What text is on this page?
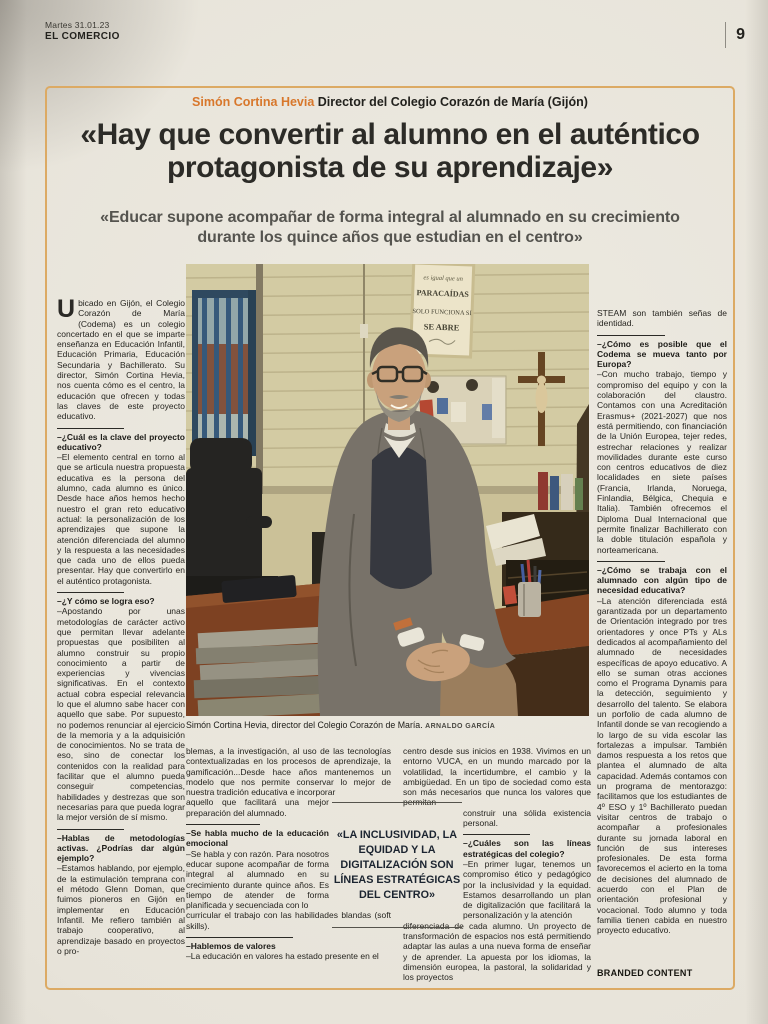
Martes 31.01.23
EL COMERCIO	9
Simón Cortina Hevia Director del Colegio Corazón de María (Gijón)
«Hay que convertir al alumno en el auténtico protagonista de su aprendizaje»
«Educar supone acompañar de forma integral al alumnado en su crecimiento durante los quince años que estudian en el centro»

Ubicado en Gijón, el Colegio Corazón de María (Codema) es un colegio concertado en el que se imparte enseñanza en Educación Infantil, Educación Primaria, Educación Secundaria y Bachillerato. Su director, Simón Cortina Hevia, nos cuenta cómo es el centro, la educación que ofrecen y todas las claves de este proyecto educativo.

–¿Cuál es la clave del proyecto educativo?

–El elemento central en torno al que se articula nuestra propuesta educativa es la persona del alumno, cada alumno es único. Desde hace años hemos hecho nuestro el gran reto educativo actual: la personalización de los aprendizajes que supone la atención diferenciada del alumno y la respuesta a las necesidades que cada uno de ellos pueda presentar. Hay que convertirlo en el auténtico protagonista.

–¿Y cómo se logra eso?

–Apostando por unas metodologías de carácter activo que permitan llevar adelante propuestas que posibiliten al alumno construir su propio conocimiento a partir de experiencias y vivencias significativas. En el contexto actual cobra especial relevancia lo que el alumno sabe hacer con aquello que sabe. Por supuesto, no podemos renunciar al ejercicio de la memoria y a la adquisición de conocimientos. No se trata de eso, sino de conectar los contenidos con la realidad para facilitar que el alumno pueda conseguir competencias, habilidades y destrezas que son necesarias para que pueda lograr la mejor versión de sí mismo.

–Hablas de metodologías activas. ¿Podrías dar algún ejemplo?

–Estamos hablando, por ejemplo, de la estimulación temprana con el método Glenn Doman, que fuimos pioneros en Gijón en implementar en Educación Infantil. Me refiero también al trabajo cooperativo, al aprendizaje basado en proyectos o pro-

es igual que un
PARACAÍDAS
SOLO FUNCIONA SI
SE ABRE

Simón Cortina Hevia, director del Colegio Corazón de María. ARNALDO GARCÍA

STEAM son también señas de identidad.

–¿Cómo es posible que el Codema se mueva tanto por Europa?

–Con mucho trabajo, tiempo y compromiso del equipo y con la colaboración del claustro. Contamos con una Acreditación Erasmus+ (2021-2027) que nos está permitiendo, con financiación de la Unión Europea, tejer redes, estrechar relaciones y realizar movilidades durante este curso con centros educativos de diez localidades en siete países (Francia, Irlanda, Noruega, Finlandia, Bélgica, Chequia e Italia). También ofrecemos el Diploma Dual Internacional que permite finalizar Bachillerato con la doble titulación española y norteamericana.

–¿Cómo se trabaja con el alumnado con algún tipo de necesidad educativa?

–La atención diferenciada está garantizada por un departamento de Orientación integrado por tres orientadores y once PTs y ALs dedicados al acompañamiento del alumnado de necesidades específicas de apoyo educativo. A ello se suman otras acciones como el Programa Dynamis para la detección, seguimiento y desarrollo del talento. Se elabora un porfolio de cada alumno de Infantil donde se van recogiendo a lo largo de su vida escolar las fortalezas a impulsar. También damos respuesta a los retos que plantea el alumnado de alta capacidad. Además contamos con un programa de mentorazgo: facilitamos que los estudiantes de 4º ESO y 1º Bachillerato puedan visitar centros de trabajo o acompañar a profesionales durante su jornada laboral en función de sus intereses profesionales. De esta forma favorecemos el acierto en la toma de decisiones del alumnado de acuerdo con el Plan de orientación profesional y vocacional. Todo alumno y toda familia tienen cabida en nuestro proyecto educativo.

BRANDED CONTENT

blemas, a la investigación, al uso de las tecnologías contextualizadas en los procesos de aprendizaje, la gamificación...Desde hace años mantenemos un modelo que nos permite conservar lo mejor de nuestra tradición educativa e incorporar

aquello que facilitará una mejor preparación del alumnado.

–Se habla mucho de la educación emocional

–Se habla y con razón. Para nosotros educar supone acompañar de forma integral al alumnado en su crecimiento durante quince años. Es tiempo de atender de forma planificada y secuenciada con lo

curricular el trabajo con las habilidades blandas (soft skills).

–Hablemos de valores

–La educación en valores ha estado presente en el

centro desde sus inicios en 1938. Vivimos en un entorno VUCA, en un mundo marcado por la volatilidad, la incertidumbre, el cambio y la ambigüedad. En un tipo de sociedad como esta son más necesarios que nunca los valores que permitan

construir una sólida existencia personal.

–¿Cuáles son las líneas estratégicas del colegio?

–En primer lugar, tenemos un compromiso ético y pedagógico por la inclusividad y la equidad. Estamos desarrollando un plan de digitalización que facilitará la personalización y la atención

diferenciada de cada alumno. Un proyecto de transformación de espacios nos está permitiendo adaptar las aulas a una nueva forma de enseñar y de aprender. La apuesta por los idiomas, la dimensión europea, la pastoral, la solidaridad y los proyectos

«LA INCLUSIVIDAD, LA EQUIDAD Y LA DIGITALIZACIÓN SON LÍNEAS ESTRATÉGICAS DEL CENTRO»
